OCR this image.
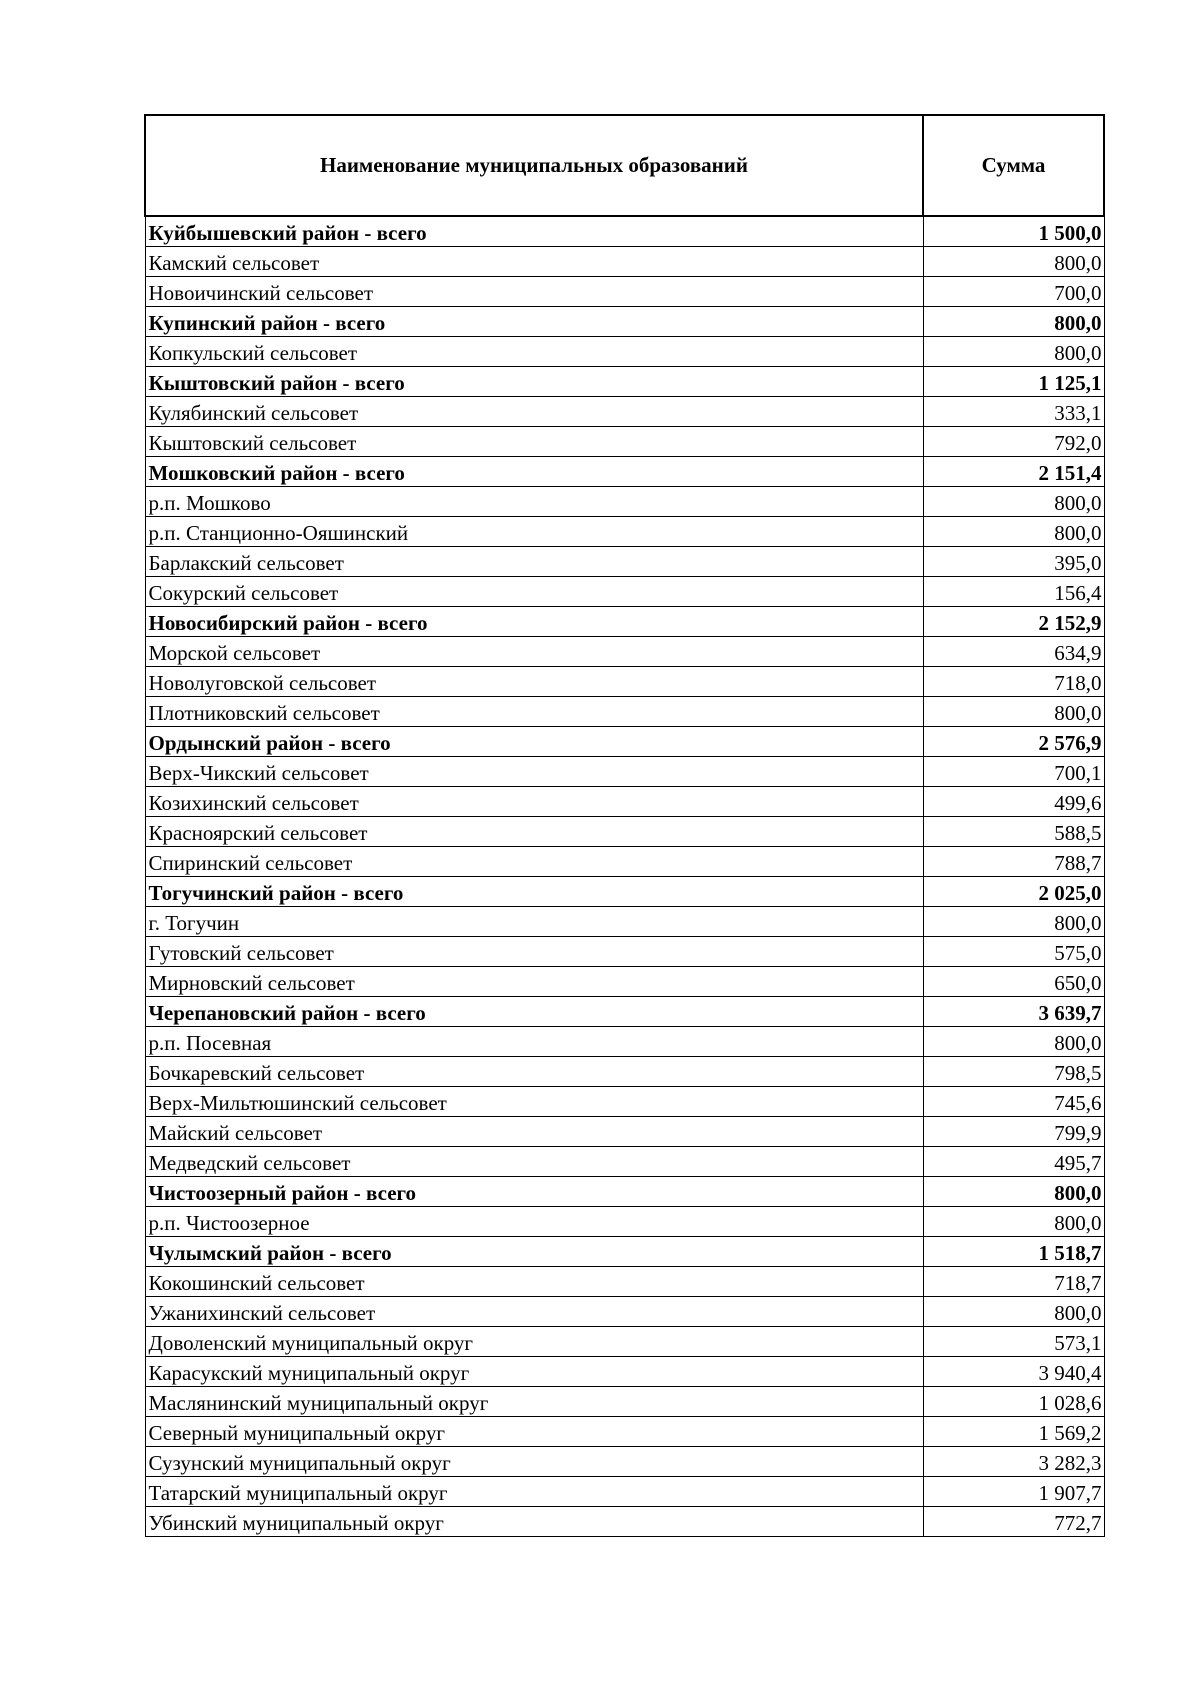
Наименование муниципальных образований	Сумма
Куйбышевский район - всего	1 500,0
Камский сельсовет	800,0
Новоичинский сельсовет	700,0
Купинский район - всего	800,0
Копкульский сельсовет	800,0
Кыштовский район - всего	1 125,1
Кулябинский сельсовет	333,1
Кыштовский сельсовет	792,0
Мошковский район - всего	2 151,4
р.п. Мошково	800,0
р.п. Станционно-Ояшинский	800,0
Барлакский сельсовет	395,0
Сокурский сельсовет	156,4
Новосибирский район - всего	2 152,9
Морской сельсовет	634,9
Новолуговской сельсовет	718,0
Плотниковский сельсовет	800,0
Ордынский район - всего	2 576,9
Верх-Чикский сельсовет	700,1
Козихинский сельсовет	499,6
Красноярский сельсовет	588,5
Спиринский сельсовет	788,7
Тогучинский район - всего	2 025,0
г. Тогучин	800,0
Гутовский сельсовет	575,0
Мирновский сельсовет	650,0
Черепановский район - всего	3 639,7
р.п. Посевная	800,0
Бочкаревский сельсовет	798,5
Верх-Мильтюшинский сельсовет	745,6
Майский сельсовет	799,9
Медведский сельсовет	495,7
Чистоозерный район - всего	800,0
р.п. Чистоозерное	800,0
Чулымский район - всего	1 518,7
Кокошинский сельсовет	718,7
Ужанихинский сельсовет	800,0
Доволенский муниципальный округ	573,1
Карасукский муниципальный округ	3 940,4
Маслянинский муниципальный округ	1 028,6
Северный муниципальный округ	1 569,2
Сузунский муниципальный округ	3 282,3
Татарский муниципальный округ	1 907,7
Убинский муниципальный округ	772,7
